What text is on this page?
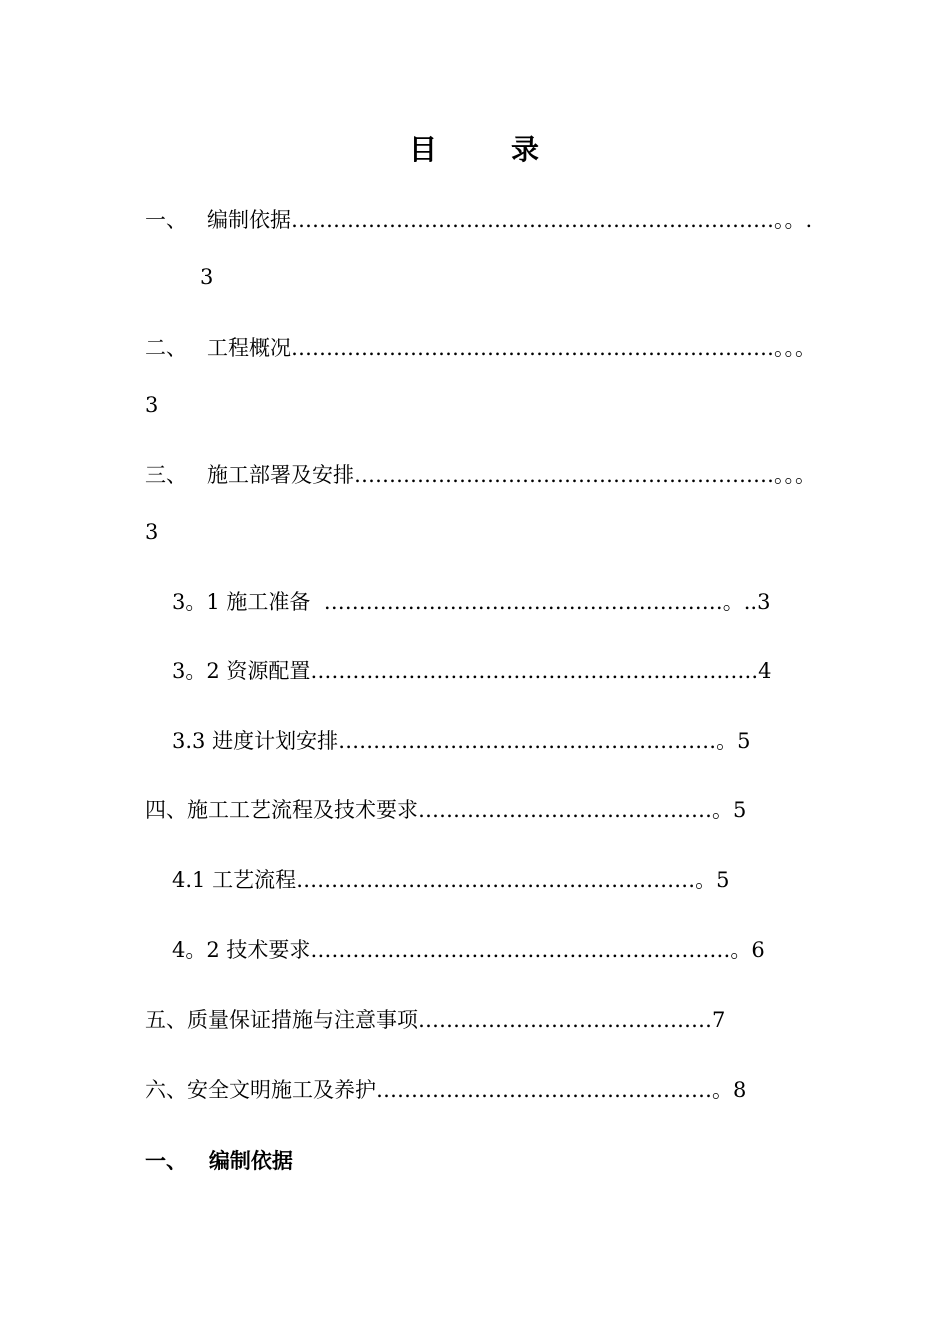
目	录
一、   编制依据……………………………………………………………。。.
3
二、   工程概况……………………………………………………………。。。
3
三、   施工部署及安排……………………………………………………。。。
3
3。1 施工准备  …………………………………………………。..3
3。2 资源配置……………………………………………………….4
3.3 进度计划安排………………………………………………。5
四、施工工艺流程及技术要求……………………………………。5
4.1 工艺流程…………………………………………………。5
4。2 技术要求……………………………………………………。6
五、质量保证措施与注意事项……………………………………7
六、安全文明施工及养护…………………………………………。8
一、   编制依据
